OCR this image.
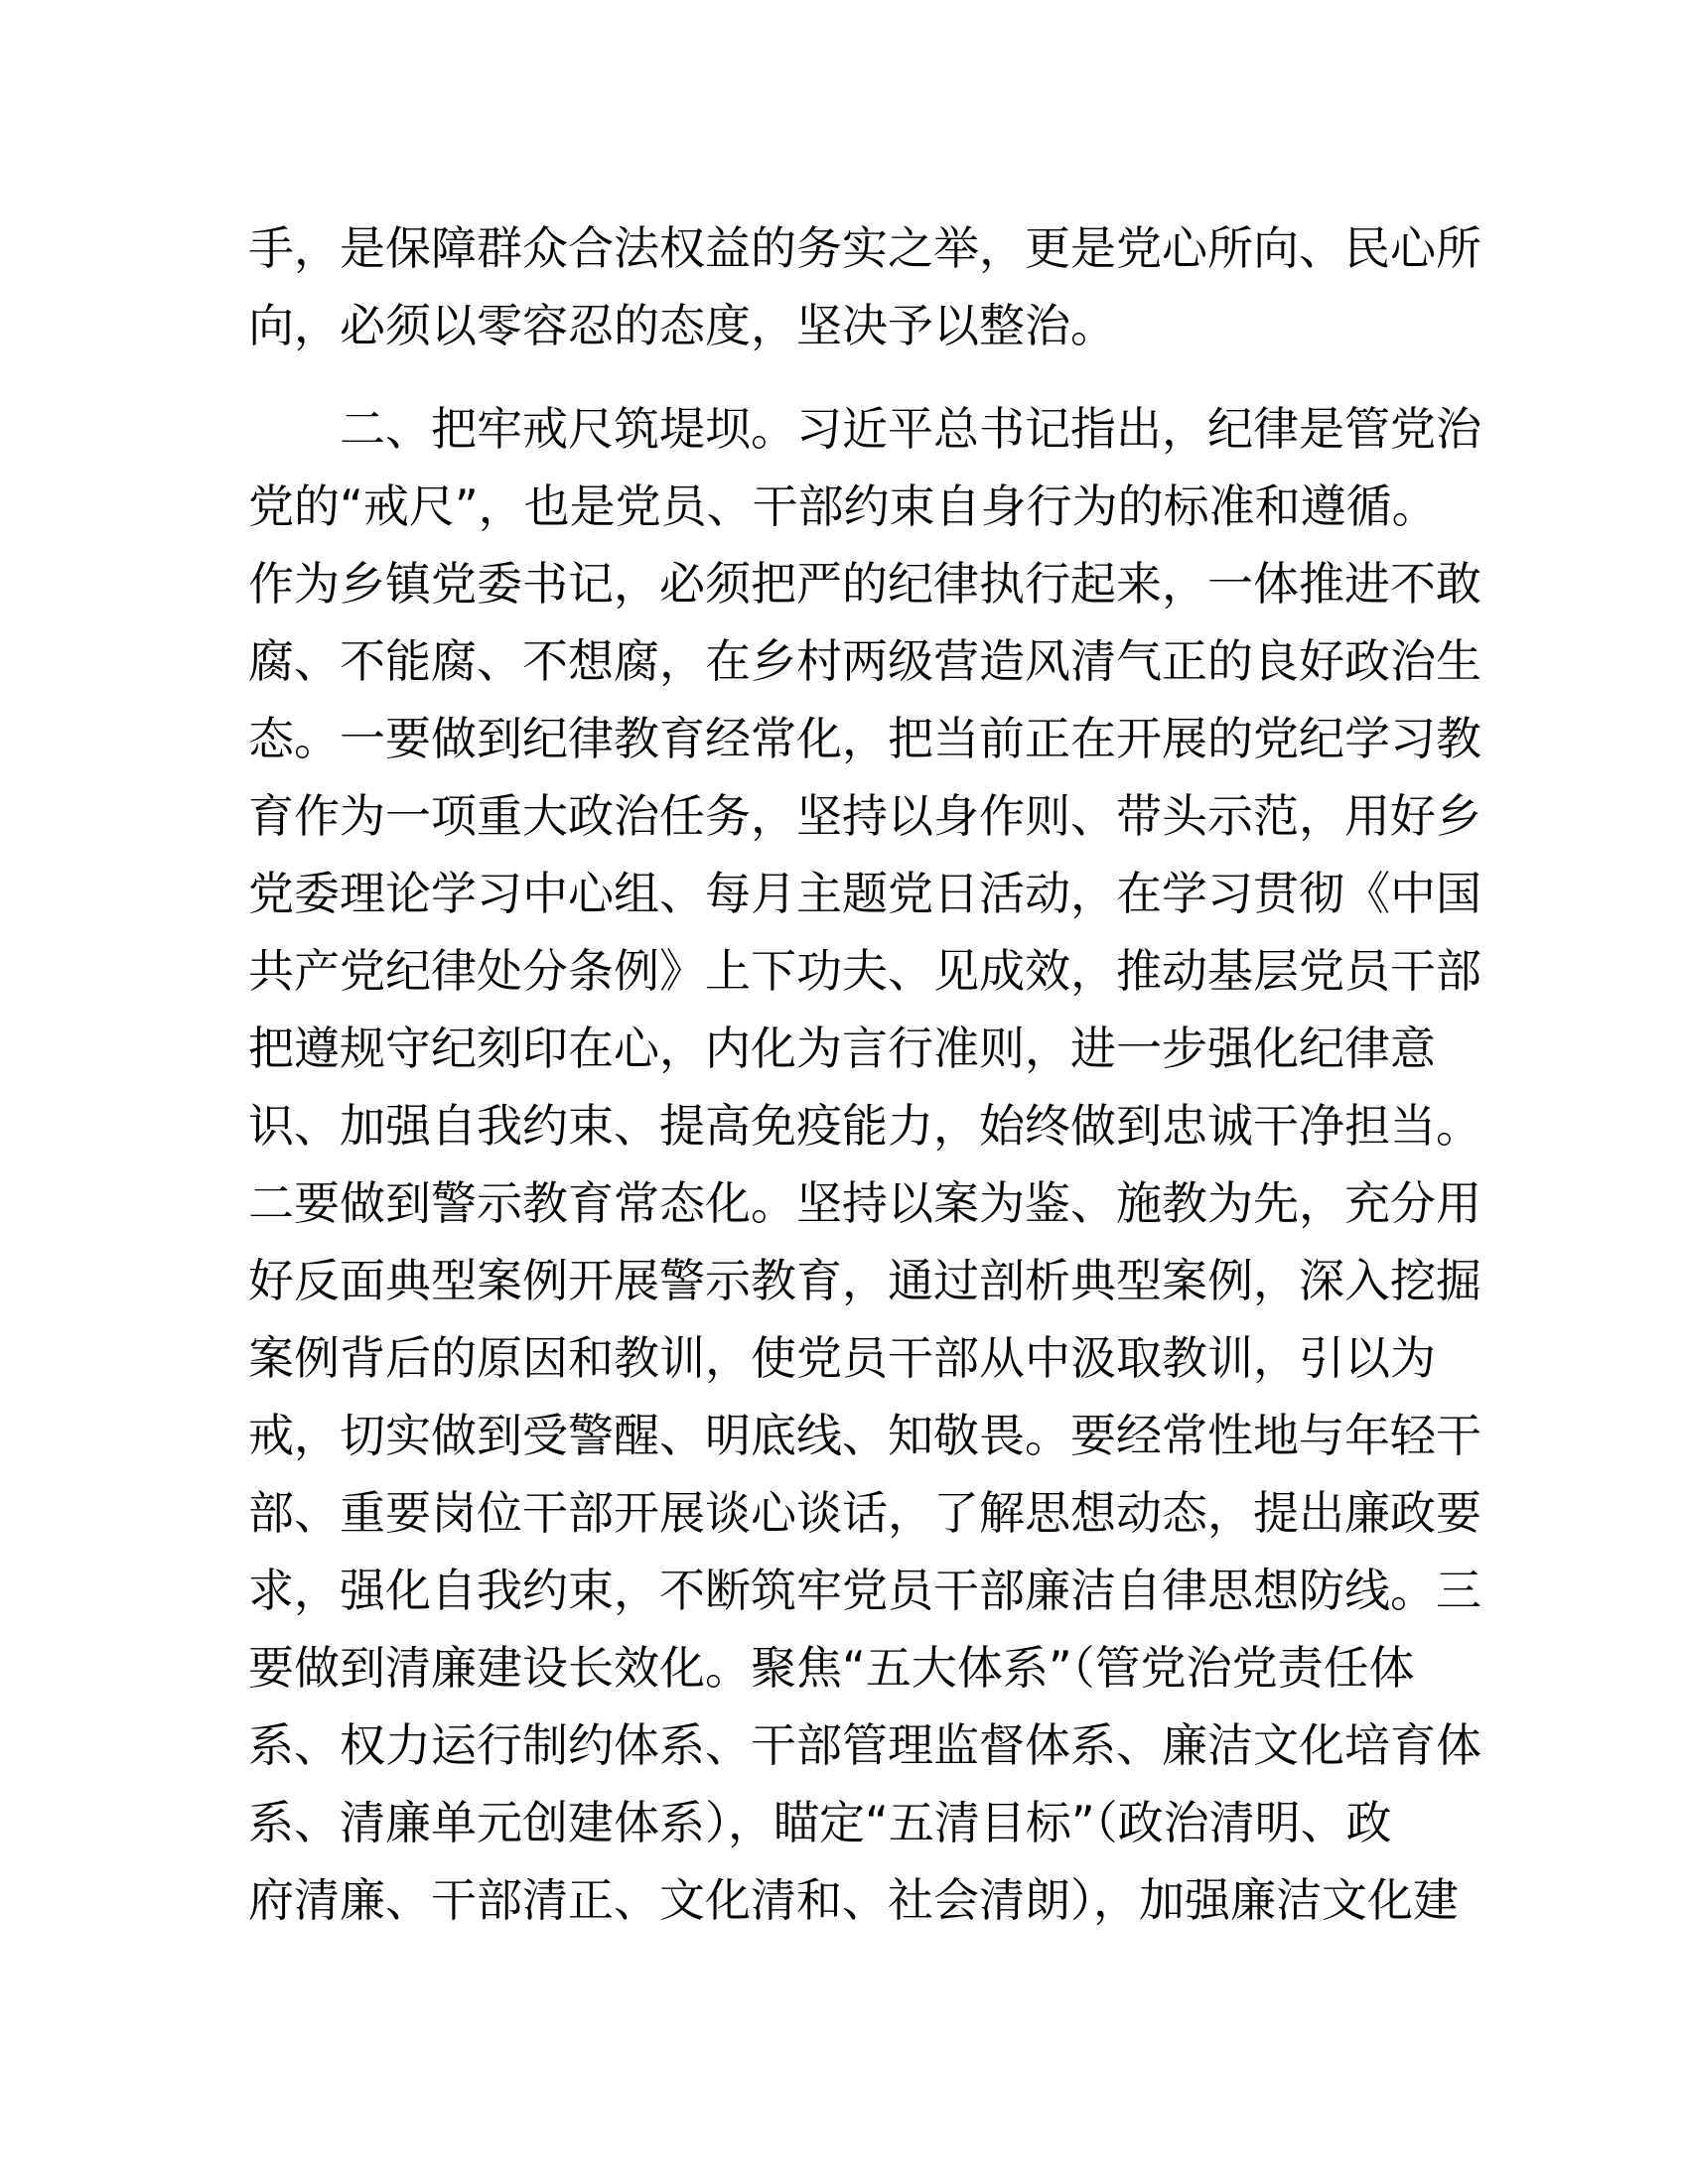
手，是保障群众合法权益的务实之举，更是党心所向、民心所
向，必须以零容忍的态度，坚决予以整治。
　　二、把牢戒尺筑堤坝。习近平总书记指出，纪律是管党治
党的“戒尺”，也是党员、干部约束自身行为的标准和遵循。
作为乡镇党委书记，必须把严的纪律执行起来，一体推进不敢
腐、不能腐、不想腐，在乡村两级营造风清气正的良好政治生
态。一要做到纪律教育经常化，把当前正在开展的党纪学习教
育作为一项重大政治任务，坚持以身作则、带头示范，用好乡
党委理论学习中心组、每月主题党日活动，在学习贯彻《中国
共产党纪律处分条例》上下功夫、见成效，推动基层党员干部
把遵规守纪刻印在心，内化为言行准则，进一步强化纪律意
识、加强自我约束、提高免疫能力，始终做到忠诚干净担当。
二要做到警示教育常态化。坚持以案为鉴、施教为先，充分用
好反面典型案例开展警示教育，通过剖析典型案例，深入挖掘
案例背后的原因和教训，使党员干部从中汲取教训，引以为
戒，切实做到受警醒、明底线、知敬畏。要经常性地与年轻干
部、重要岗位干部开展谈心谈话，了解思想动态，提出廉政要
求，强化自我约束，不断筑牢党员干部廉洁自律思想防线。三
要做到清廉建设长效化。聚焦“五大体系”（管党治党责任体
系、权力运行制约体系、干部管理监督体系、廉洁文化培育体
系、清廉单元创建体系），瞄定“五清目标”（政治清明、政
府清廉、干部清正、文化清和、社会清朗），加强廉洁文化建
